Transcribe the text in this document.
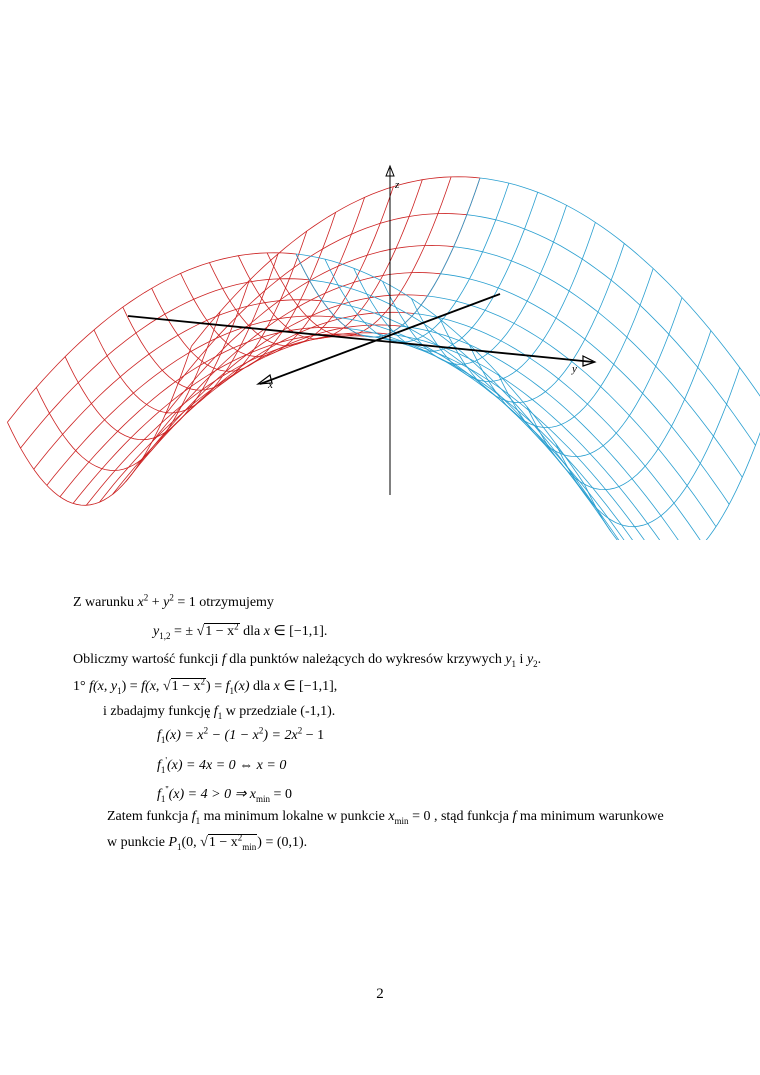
z
x
y
Z warunku $x^2 + y^2 = 1$ otrzymujemy
$y_{1,2}$ = ± $√1 - x^2$ dla x ∈ [−1,1].
Obliczmy wartość funkcji f dla punktów należących do wykresów krzywych $y_1$ i $y_2$.
1° f(x, $y_1) = f(x$, $√1 - x^2) = f_1(x)$ dla x ∈ [−1,1],
i zbadajmy funkcję $f_1$ w przedziale (-1,1).
$f_1(x) = x^2 - (1 - x^2) = 2x^2 - 1$
$f_1'(x) = 4x = 0$ ⇔ x = 0
$f_1''(x) = 4 > 0$ ⇒ $x_{min} = 0$
Zatem funkcja $f_1$ ma minimum lokalne w punkcie $x_{min} = 0$ , stąd funkcja f ma minimum warunkowe
w punkcie $P_1(0$, $√1 - x^2_{min}) = (0,1)$.
2
